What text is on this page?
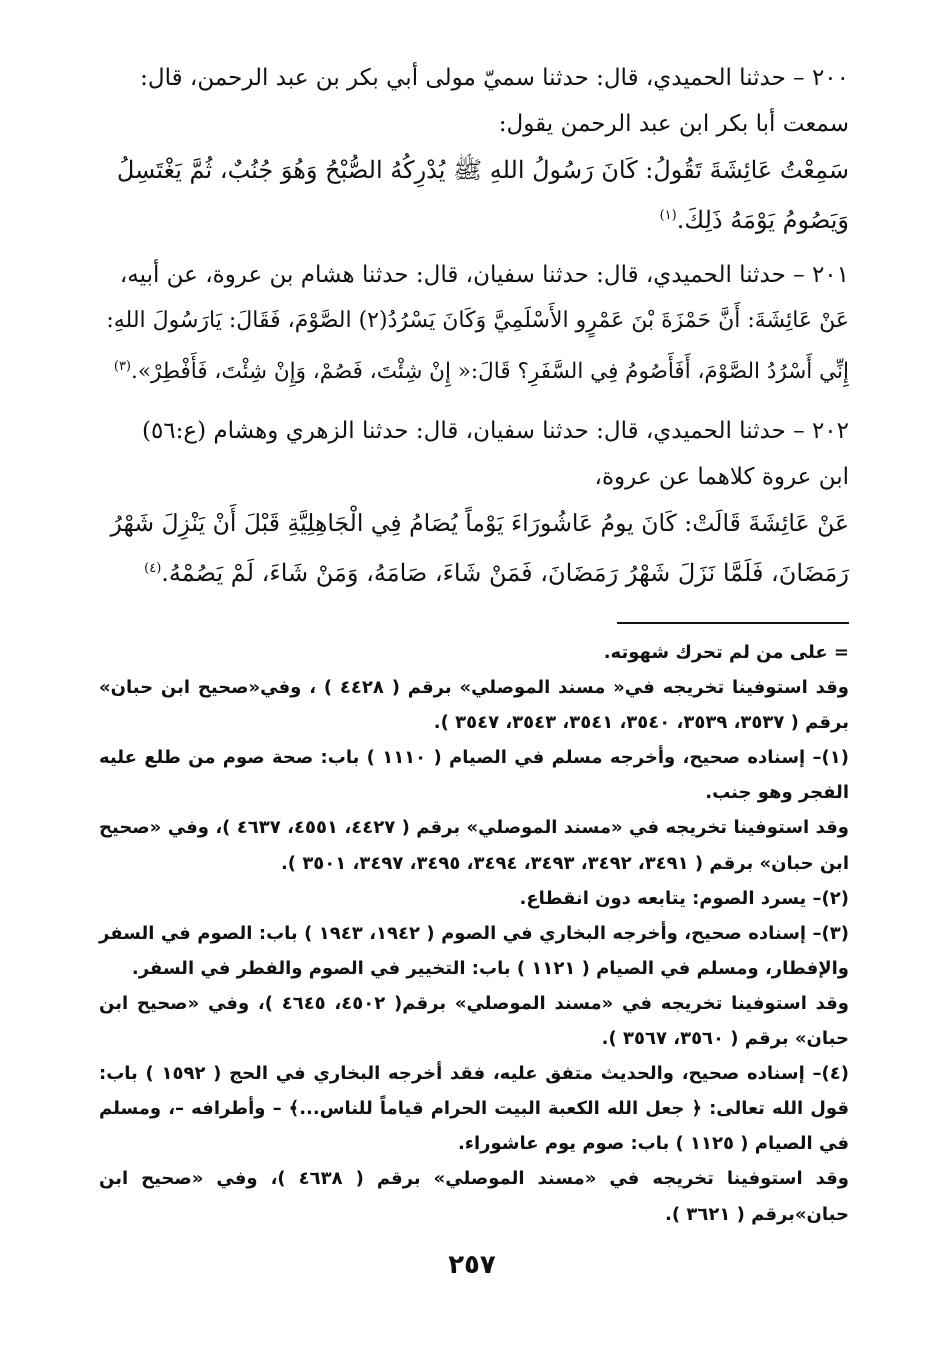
٢٠٠ – حدثنا الحميدي، قال: حدثنا سميّ مولى أبي بكر بن عبد الرحمن، قال:
سمعت أبا بكر ابن عبد الرحمن يقول:
سَمِعْتُ عَائِشَةَ تَقُولُ: كَانَ رَسُولُ اللهِ ﷺ يُدْرِكُهُ الصُّبْحُ وَهُوَ جُنُبٌ، ثُمَّ يَغْتَسِلُ
وَيَصُومُ يَوْمَهُ ذَلِكَ.$^{(١)}$
٢٠١ – حدثنا الحميدي، قال: حدثنا سفيان، قال: حدثنا هشام بن عروة، عن أبيه،
عَنْ عَائِشَةَ: أَنَّ حَمْزَةَ بْنَ عَمْرٍو الأَسْلَمِيَّ وَكَانَ يَسْرُدُ(٢) الصَّوْمَ، فَقَالَ: يَارَسُولَ اللهِ:
إِنِّي أَسْرُدُ الصَّوْمَ، أَفَأَصُومُ فِي السَّفَرِ؟ قَالَ:« إِنْ شِئْتَ، فَصُمْ، وَإِنْ شِئْتَ، فَأَفْطِرْ».$^{(٣)}$
٢٠٢ – حدثنا الحميدي، قال: حدثنا سفيان، قال: حدثنا الزهري وهشام (ع:٥٦)
ابن عروة كلاهما عن عروة،
عَنْ عَائِشَةَ قَالَتْ: كَانَ يومُ عَاشُورَاءَ يَوْماً يُصَامُ فِي الْجَاهِلِيَّةِ قَبْلَ أَنْ يَنْزِلَ شَهْرُ
رَمَضَانَ، فَلَمَّا نَزَلَ شَهْرُ رَمَضَانَ، فَمَنْ شَاءَ، صَامَهُ، وَمَنْ شَاءَ، لَمْ يَصُمْهُ.$^{(٤)}$
= على من لم تحرك شهوته.
وقد استوفينا تخريجه في« مسند الموصلي» برقم ( ٤٤٢٨ ) ، وفي«صحيح ابن حبان» برقم ( ٣٥٣٧، ٣٥٣٩، ٣٥٤٠، ٣٥٤١، ٣٥٤٣، ٣٥٤٧ ).
(١)– إسناده صحيح، وأخرجه مسلم في الصيام ( ١١١٠ ) باب: صحة صوم من طلع عليه الفجر وهو جنب.
وقد استوفينا تخريجه في «مسند الموصلي» برقم ( ٤٤٢٧، ٤٥٥١، ٤٦٣٧ )، وفي «صحيح ابن حبان» برقم ( ٣٤٩١، ٣٤٩٢، ٣٤٩٣، ٣٤٩٤، ٣٤٩٥، ٣٤٩٧، ٣٥٠١ ).
(٢)– يسرد الصوم: يتابعه دون انقطاع.
(٣)– إسناده صحيح، وأخرجه البخاري في الصوم ( ١٩٤٢، ١٩٤٣ ) باب: الصوم في السفر والإفطار، ومسلم في الصيام ( ١١٢١ ) باب: التخيير في الصوم والفطر في السفر.
وقد استوفينا تخريجه في «مسند الموصلي» برقم( ٤٥٠٢، ٤٦٤٥ )، وفي «صحيح ابن حبان» برقم ( ٣٥٦٠، ٣٥٦٧ ).
(٤)– إسناده صحيح، والحديث متفق عليه، فقد أخرجه البخاري في الحج ( ١٥٩٢ ) باب: قول الله تعالى: ﴿ جعل الله الكعبة البيت الحرام قياماً للناس...﴾ – وأطرافه –، ومسلم في الصيام ( ١١٢٥ ) باب: صوم يوم عاشوراء.
وقد استوفينا تخريجه في «مسند الموصلي» برقم ( ٤٦٣٨ )، وفي «صحيح ابن حبان»برقم ( ٣٦٢١ ).
٢٥٧
